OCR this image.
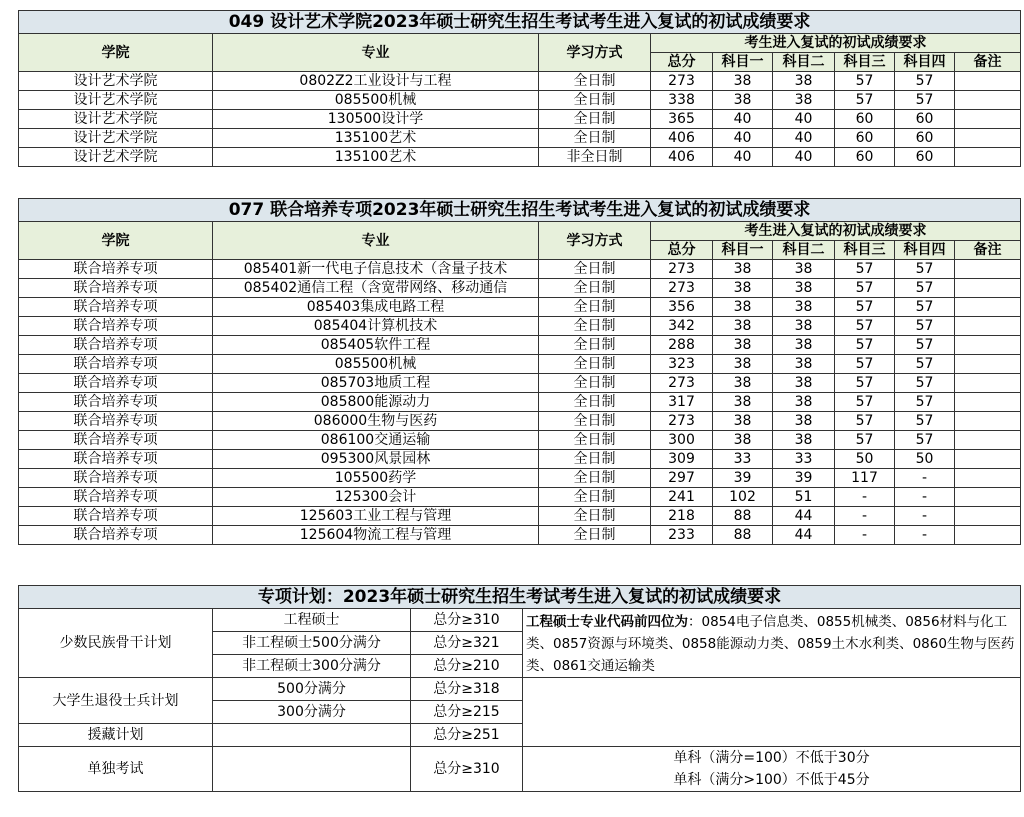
049 设计艺术学院2023年硕士研究生招生考试考生进入复试的初试成绩要求								
学院	专业	学习方式	考生进入复试的初试成绩要求					
			总分	科目一	科目二	科目三	科目四	备注
设计艺术学院	0802Z2工业设计与工程	全日制	273	38	38	57	57	
设计艺术学院	085500机械	全日制	338	38	38	57	57	
设计艺术学院	130500设计学	全日制	365	40	40	60	60	
设计艺术学院	135100艺术	全日制	406	40	40	60	60	
设计艺术学院	135100艺术	非全日制	406	40	40	60	60	
077 联合培养专项2023年硕士研究生招生考试考生进入复试的初试成绩要求								
学院	专业	学习方式	考生进入复试的初试成绩要求					
			总分	科目一	科目二	科目三	科目四	备注
联合培养专项	085401新一代电子信息技术（含量子技术	全日制	273	38	38	57	57	
联合培养专项	085402通信工程（含宽带网络、移动通信	全日制	273	38	38	57	57	
联合培养专项	085403集成电路工程	全日制	356	38	38	57	57	
联合培养专项	085404计算机技术	全日制	342	38	38	57	57	
联合培养专项	085405软件工程	全日制	288	38	38	57	57	
联合培养专项	085500机械	全日制	323	38	38	57	57	
联合培养专项	085703地质工程	全日制	273	38	38	57	57	
联合培养专项	085800能源动力	全日制	317	38	38	57	57	
联合培养专项	086000生物与医药	全日制	273	38	38	57	57	
联合培养专项	086100交通运输	全日制	300	38	38	57	57	
联合培养专项	095300风景园林	全日制	309	33	33	50	50	
联合培养专项	105500药学	全日制	297	39	39	117	-	
联合培养专项	125300会计	全日制	241	102	51	-	-	
联合培养专项	125603工业工程与管理	全日制	218	88	44	-	-	
联合培养专项	125604物流工程与管理	全日制	233	88	44	-	-	
专项计划：2023年硕士研究生招生考试考生进入复试的初试成绩要求			
少数民族骨干计划	工程硕士	总分≥310	工程硕士专业代码前四位为：0854电子信息类、0855机械类、0856材料与化工类、0857资源与环境类、0858能源动力类、0859土木水利类、0860生物与医药类、0861交通运输类
	非工程硕士500分满分	总分≥321	
	非工程硕士300分满分	总分≥210	
大学生退役士兵计划	500分满分	总分≥318	
	300分满分	总分≥215	
援藏计划		总分≥251	
单独考试		总分≥310	单科（满分=100）不低于30分
单科（满分>100）不低于45分
